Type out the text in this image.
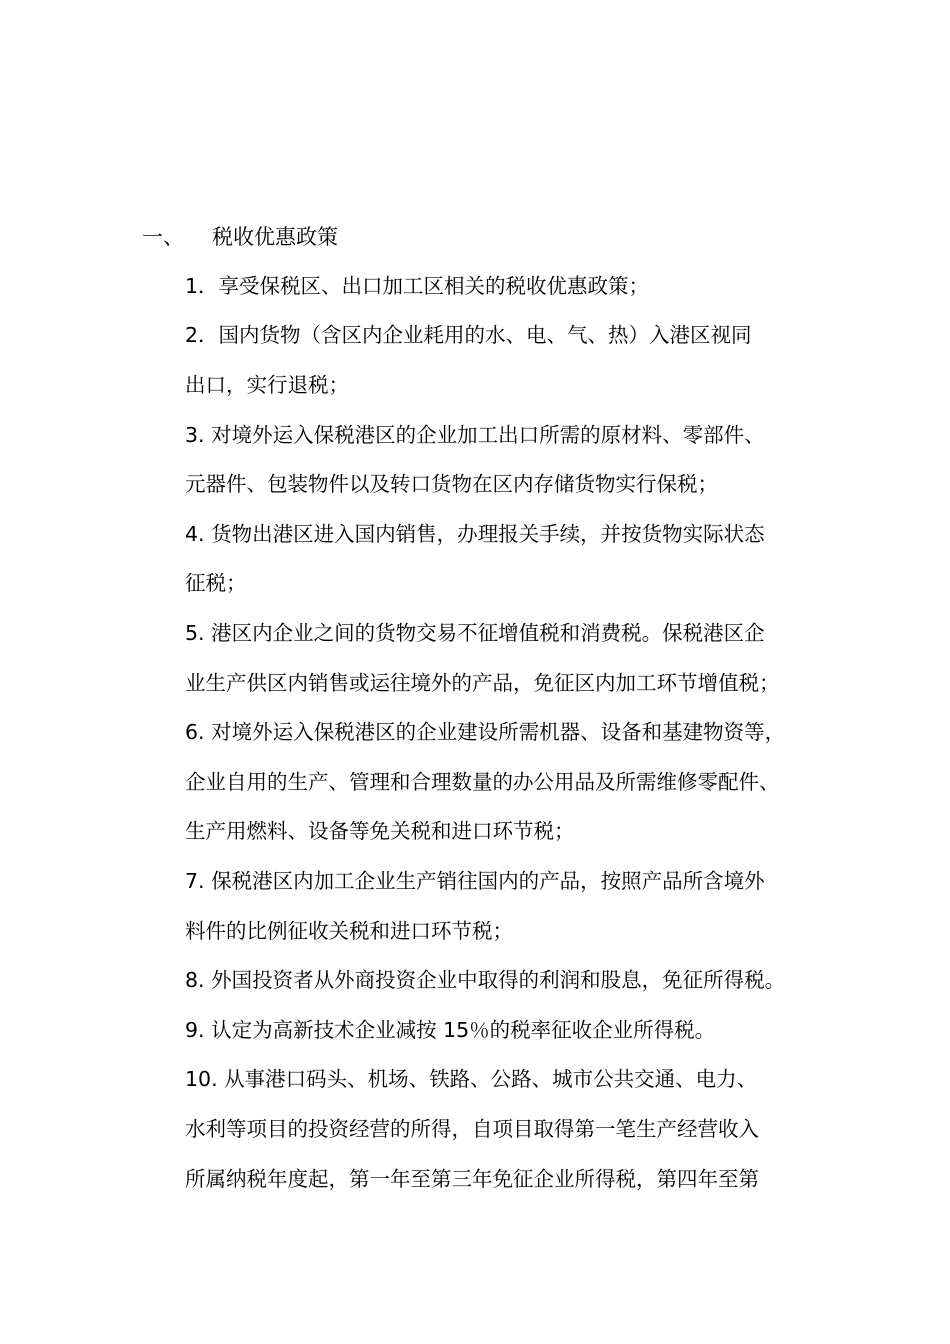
一、 税收优惠政策
1．享受保税区、出口加工区相关的税收优惠政策；
2．国内货物（含区内企业耗用的水、电、气、热）入港区视同
出口，实行退税；
3. 对境外运入保税港区的企业加工出口所需的原材料、零部件、
元器件、包装物件以及转口货物在区内存储货物实行保税；
4. 货物出港区进入国内销售，办理报关手续，并按货物实际状态
征税；
5. 港区内企业之间的货物交易不征增值税和消费税。保税港区企
业生产供区内销售或运往境外的产品，免征区内加工环节增值税；
6. 对境外运入保税港区的企业建设所需机器、设备和基建物资等，
企业自用的生产、管理和合理数量的办公用品及所需维修零配件、
生产用燃料、设备等免关税和进口环节税；
7. 保税港区内加工企业生产销往国内的产品，按照产品所含境外
料件的比例征收关税和进口环节税；
8. 外国投资者从外商投资企业中取得的利润和股息，免征所得税。
9. 认定为高新技术企业减按 15％的税率征收企业所得税。
10. 从事港口码头、机场、铁路、公路、城市公共交通、电力、
水利等项目的投资经营的所得，自项目取得第一笔生产经营收入
所属纳税年度起，第一年至第三年免征企业所得税，第四年至第
